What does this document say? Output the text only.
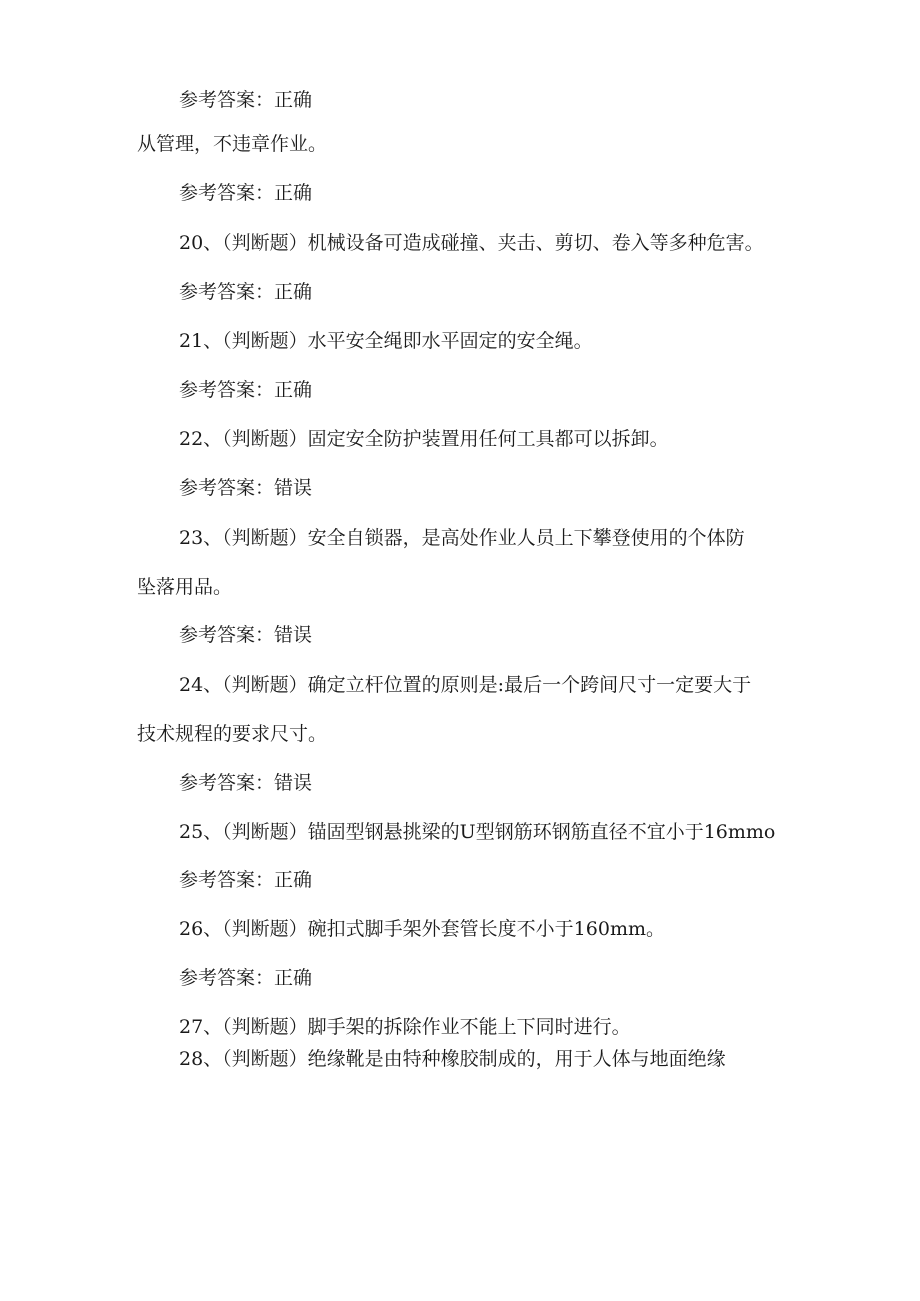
参考答案：正确
从管理，不违章作业。
参考答案：正确
20、（判断题）机械设备可造成碰撞、夹击、剪切、卷入等多种危害。
参考答案：正确
21、（判断题）水平安全绳即水平固定的安全绳。
参考答案：正确
22、（判断题）固定安全防护装置用任何工具都可以拆卸。
参考答案：错误
23、（判断题）安全自锁器，是高处作业人员上下攀登使用的个体防
坠落用品。
参考答案：错误
24、（判断题）确定立杆位置的原则是:最后一个跨间尺寸一定要大于
技术规程的要求尺寸。
参考答案：错误
25、（判断题）锚固型钢悬挑梁的U型钢筋环钢筋直径不宜小于16mmo
参考答案：正确
26、（判断题）碗扣式脚手架外套管长度不小于160mm。
参考答案：正确
27、（判断题）脚手架的拆除作业不能上下同时进行。
28、（判断题）绝缘靴是由特种橡胶制成的，用于人体与地面绝缘
